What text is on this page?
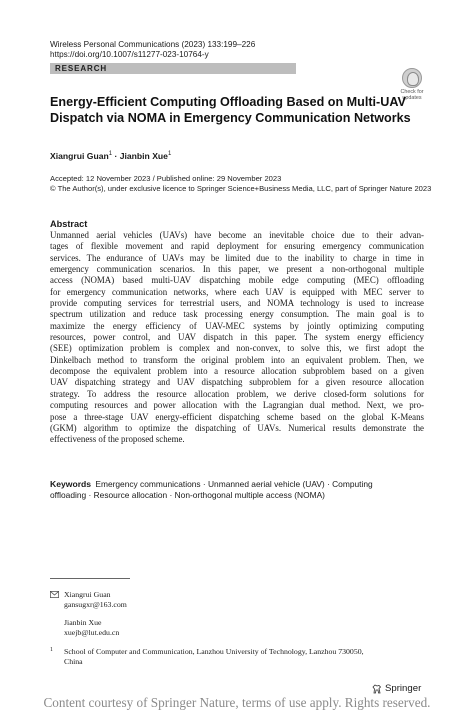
Wireless Personal Communications (2023) 133:199–226
https://doi.org/10.1007/s11277-023-10764-y
RESEARCH
Check for
updates
Energy-Efficient Computing Offloading Based on Multi-UAV
Dispatch via NOMA in Emergency Communication Networks
Xiangrui Guan$^1$ · Jianbin Xue$^1$
Accepted: 12 November 2023 / Published online: 29 November 2023
© The Author(s), under exclusive licence to Springer Science+Business Media, LLC, part of Springer Nature 2023
Abstract
Unmanned aerial vehicles (UAVs) have become an inevitable choice due to their advan-
tages of flexible movement and rapid deployment for ensuring emergency communication
services. The endurance of UAVs may be limited due to the inability to charge in time in
emergency communication scenarios. In this paper, we present a non-orthogonal multiple
access (NOMA) based multi-UAV dispatching mobile edge computing (MEC) offloading
for emergency communication networks, where each UAV is equipped with MEC server to
provide computing services for terrestrial users, and NOMA technology is used to increase
spectrum utilization and reduce task processing energy consumption. The main goal is to
maximize the energy efficiency of UAV-MEC systems by jointly optimizing computing
resources, power control, and UAV dispatch in this paper. The system energy efficiency
(SEE) optimization problem is complex and non-convex, to solve this, we first adopt the
Dinkelbach method to transform the original problem into an equivalent problem. Then, we
decompose the equivalent problem into a resource allocation subproblem based on a given
UAV dispatching strategy and UAV dispatching subproblem for a given resource allocation
strategy. To address the resource allocation problem, we derive closed-form solutions for
computing resources and power allocation with the Lagrangian dual method. Next, we pro-
pose a three-stage UAV energy-efficient dispatching scheme based on the global K-Means
(GKM) algorithm to optimize the dispatching of UAVs. Numerical results demonstrate the
effectiveness of the proposed scheme.
Keywords Emergency communications · Unmanned aerial vehicle (UAV) · Computing
offloading · Resource allocation · Non-orthogonal multiple access (NOMA)
Xiangrui Guan
gansugxr@163.com
Jianbin Xue
xuejb@lut.edu.cn
1 School of Computer and Communication, Lanzhou University of Technology, Lanzhou 730050,
China
Springer
Content courtesy of Springer Nature, terms of use apply. Rights reserved.
